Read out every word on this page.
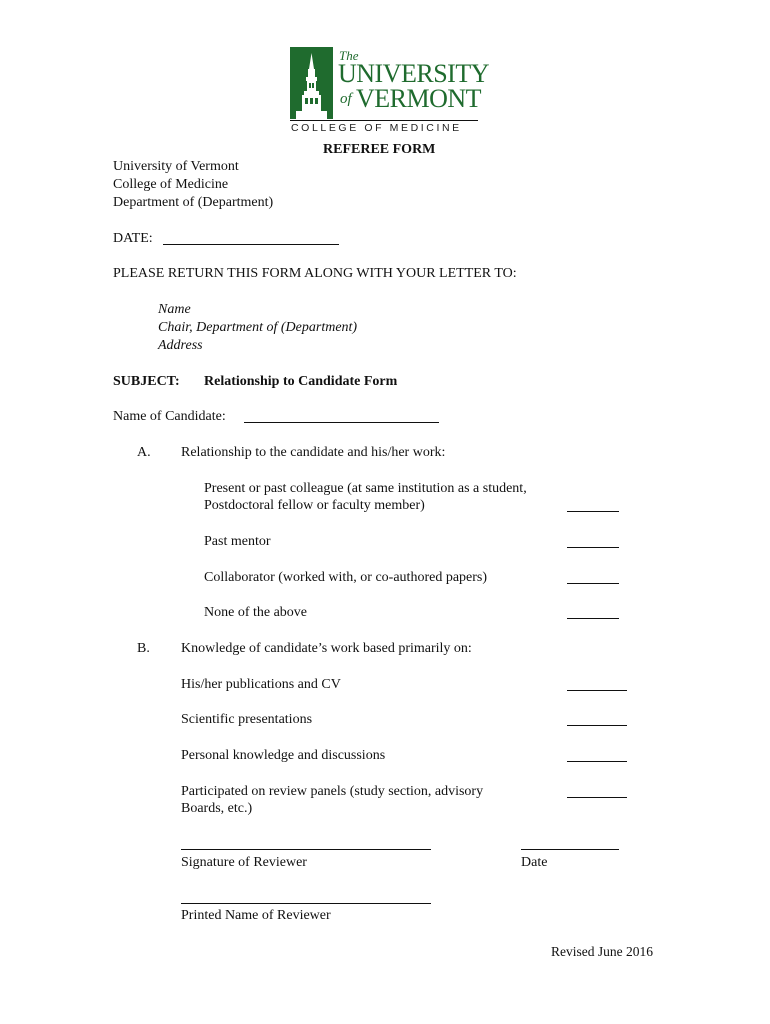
The
UNIVERSITY
of VERMONT
COLLEGE OF MEDICINE
REFEREE FORM
University of Vermont
College of Medicine
Department of (Department)
DATE:
PLEASE RETURN THIS FORM ALONG WITH YOUR LETTER TO:
Name
Chair, Department of (Department)
Address
SUBJECT: Relationship to Candidate Form
Name of Candidate:
A. Relationship to the candidate and his/her work:
Present or past colleague (at same institution as a student,
Postdoctoral fellow or faculty member)
Past mentor
Collaborator (worked with, or co-authored papers)
None of the above
B. Knowledge of candidate’s work based primarily on:
His/her publications and CV
Scientific presentations
Personal knowledge and discussions
Participated on review panels (study section, advisory
Boards, etc.)
Signature of Reviewer	Date
Printed Name of Reviewer
Revised June 2016
